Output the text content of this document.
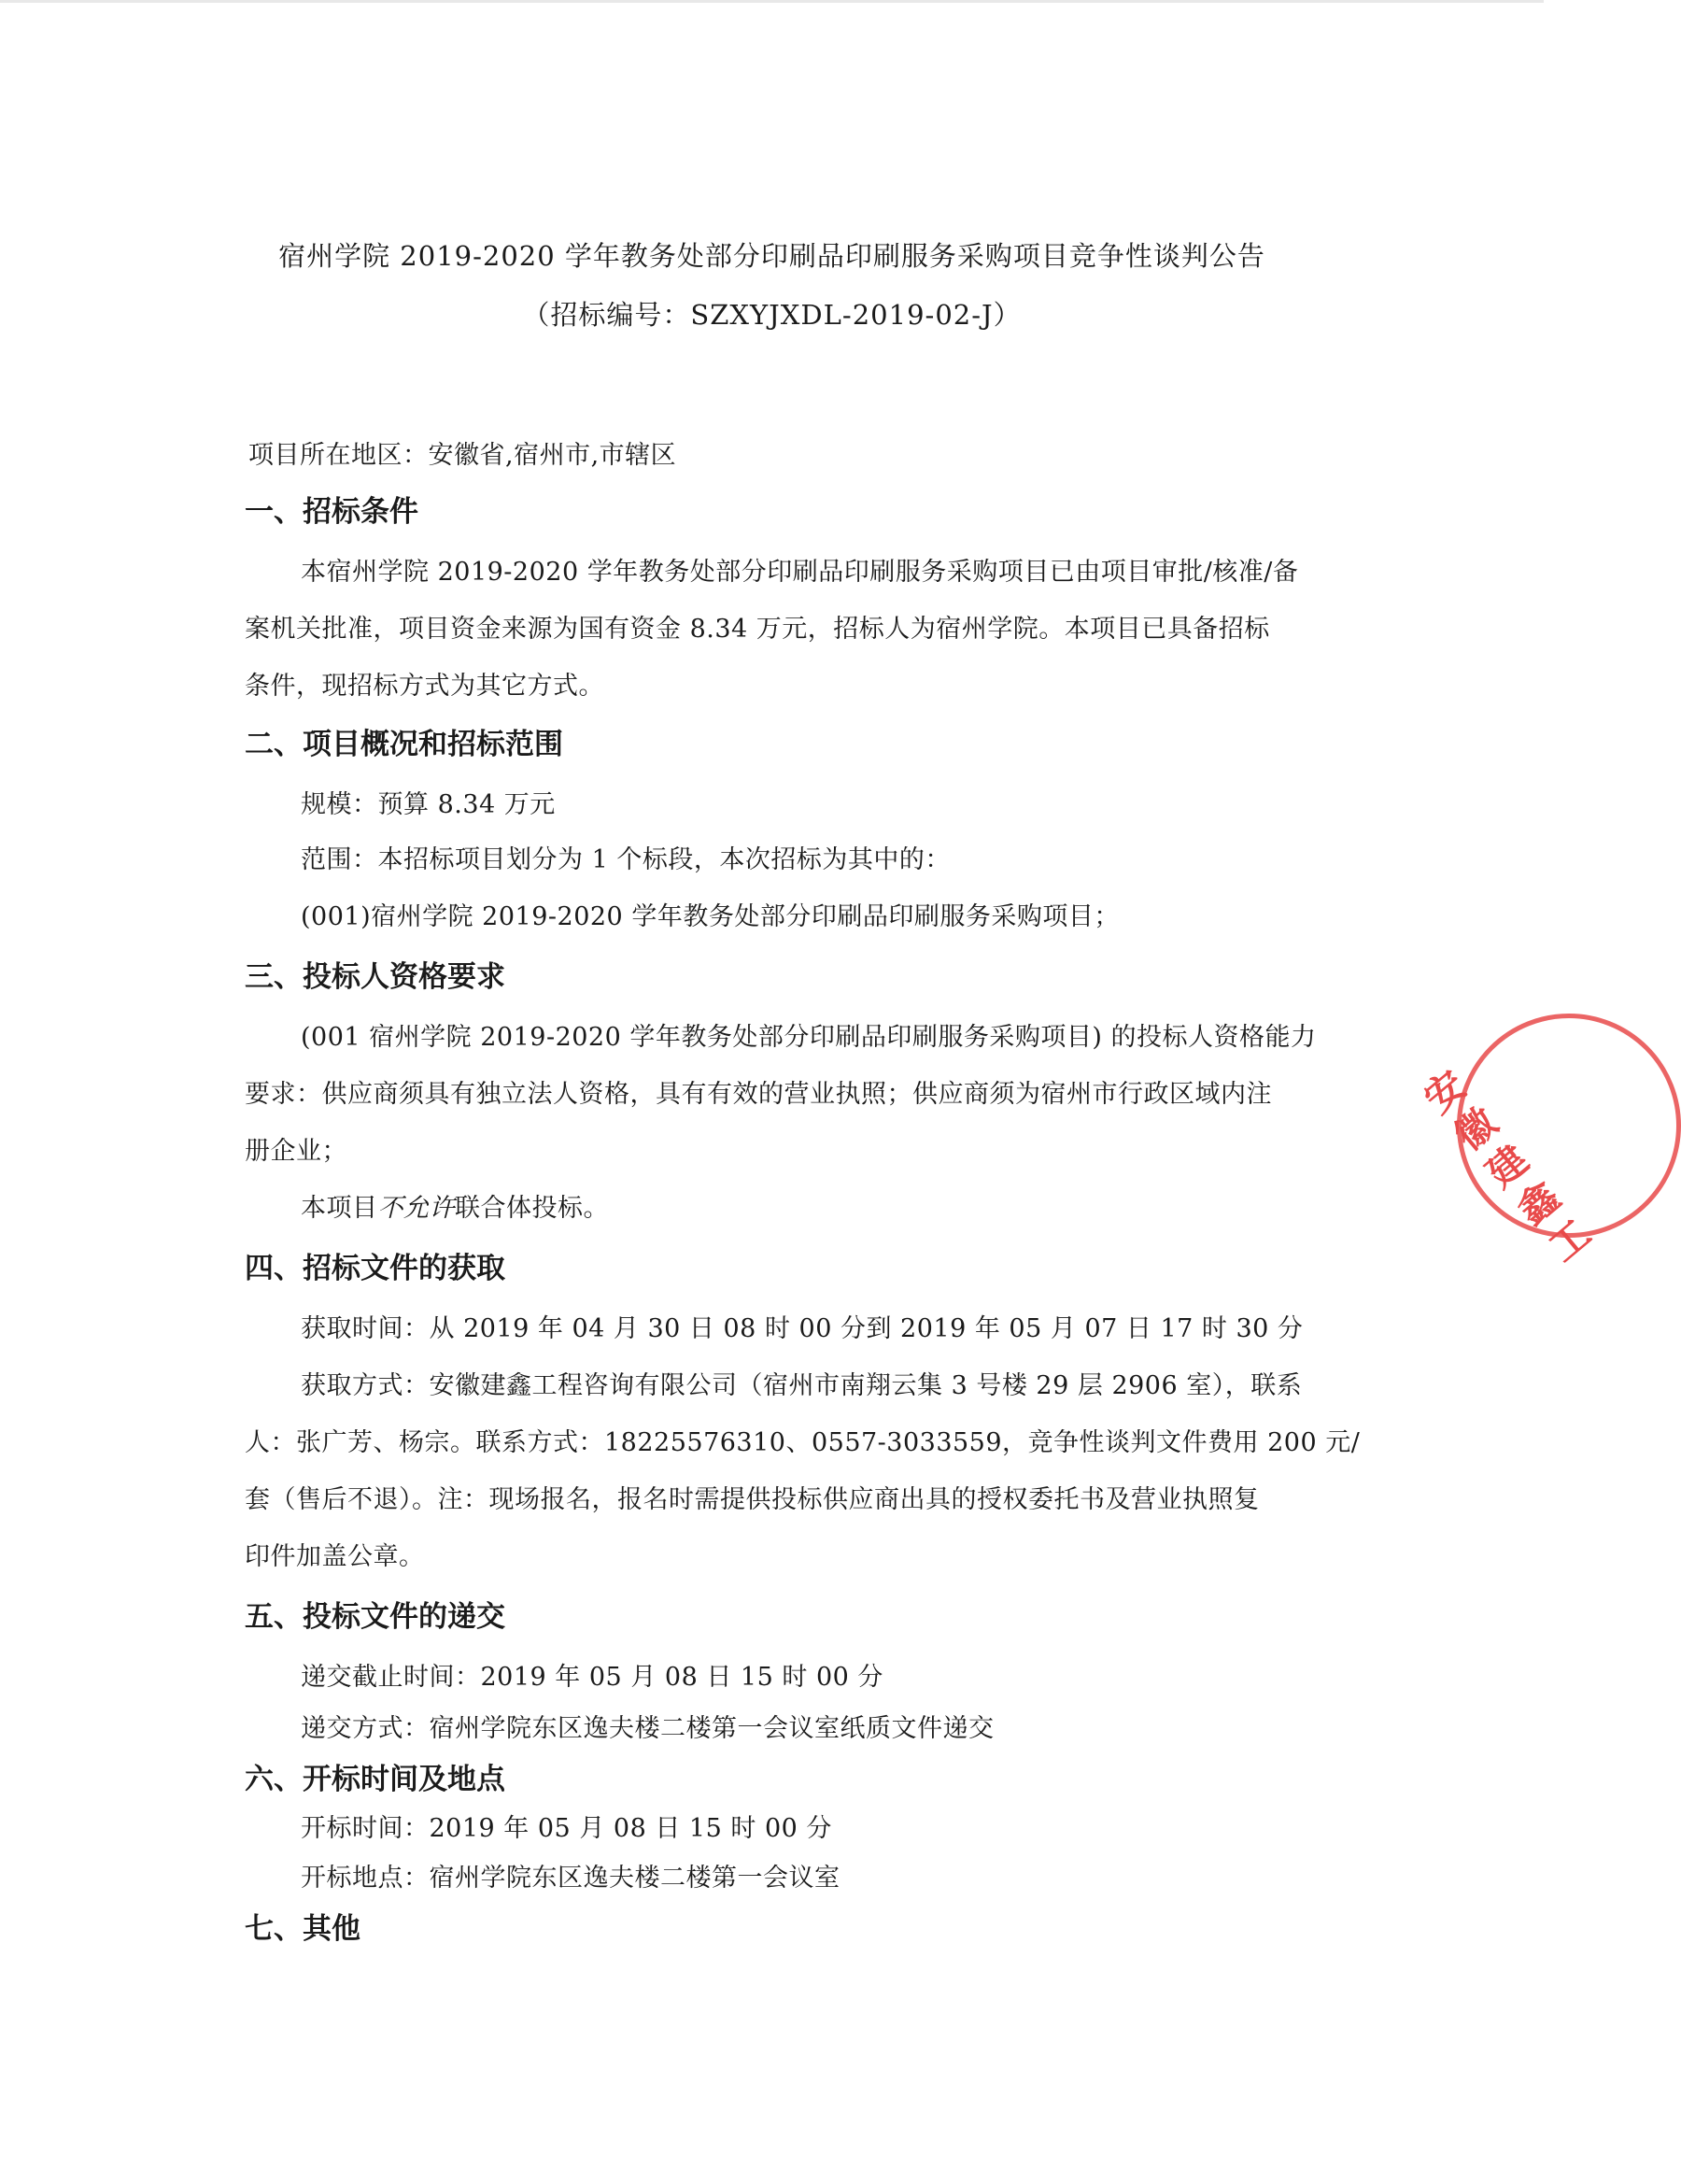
宿州学院 2019-2020 学年教务处部分印刷品印刷服务采购项目竞争性谈判公告
（招标编号：SZXYJXDL-2019-02-J）
项目所在地区：安徽省,宿州市,市辖区
一、招标条件
本宿州学院 2019-2020 学年教务处部分印刷品印刷服务采购项目已由项目审批/核准/备
案机关批准，项目资金来源为国有资金 8.34 万元，招标人为宿州学院。本项目已具备招标
条件，现招标方式为其它方式。
二、项目概况和招标范围
规模：预算 8.34 万元
范围：本招标项目划分为 1 个标段，本次招标为其中的：
(001)宿州学院 2019-2020 学年教务处部分印刷品印刷服务采购项目；
三、投标人资格要求
(001 宿州学院 2019-2020 学年教务处部分印刷品印刷服务采购项目) 的投标人资格能力
要求：供应商须具有独立法人资格，具有有效的营业执照；供应商须为宿州市行政区域内注
册企业；
本项目不允许联合体投标。
四、招标文件的获取
获取时间：从 2019 年 04 月 30 日 08 时 00 分到 2019 年 05 月 07 日 17 时 30 分
获取方式：安徽建鑫工程咨询有限公司（宿州市南翔云集 3 号楼 29 层 2906 室），联系
人：张广芳、杨宗。联系方式：18225576310、0557-3033559，竞争性谈判文件费用 200 元/
套（售后不退）。注：现场报名，报名时需提供投标供应商出具的授权委托书及营业执照复
印件加盖公章。
五、投标文件的递交
递交截止时间：2019 年 05 月 08 日 15 时 00 分
递交方式：宿州学院东区逸夫楼二楼第一会议室纸质文件递交
六、开标时间及地点
开标时间：2019 年 05 月 08 日 15 时 00 分
开标地点：宿州学院东区逸夫楼二楼第一会议室
七、其他
安徽建鑫工
